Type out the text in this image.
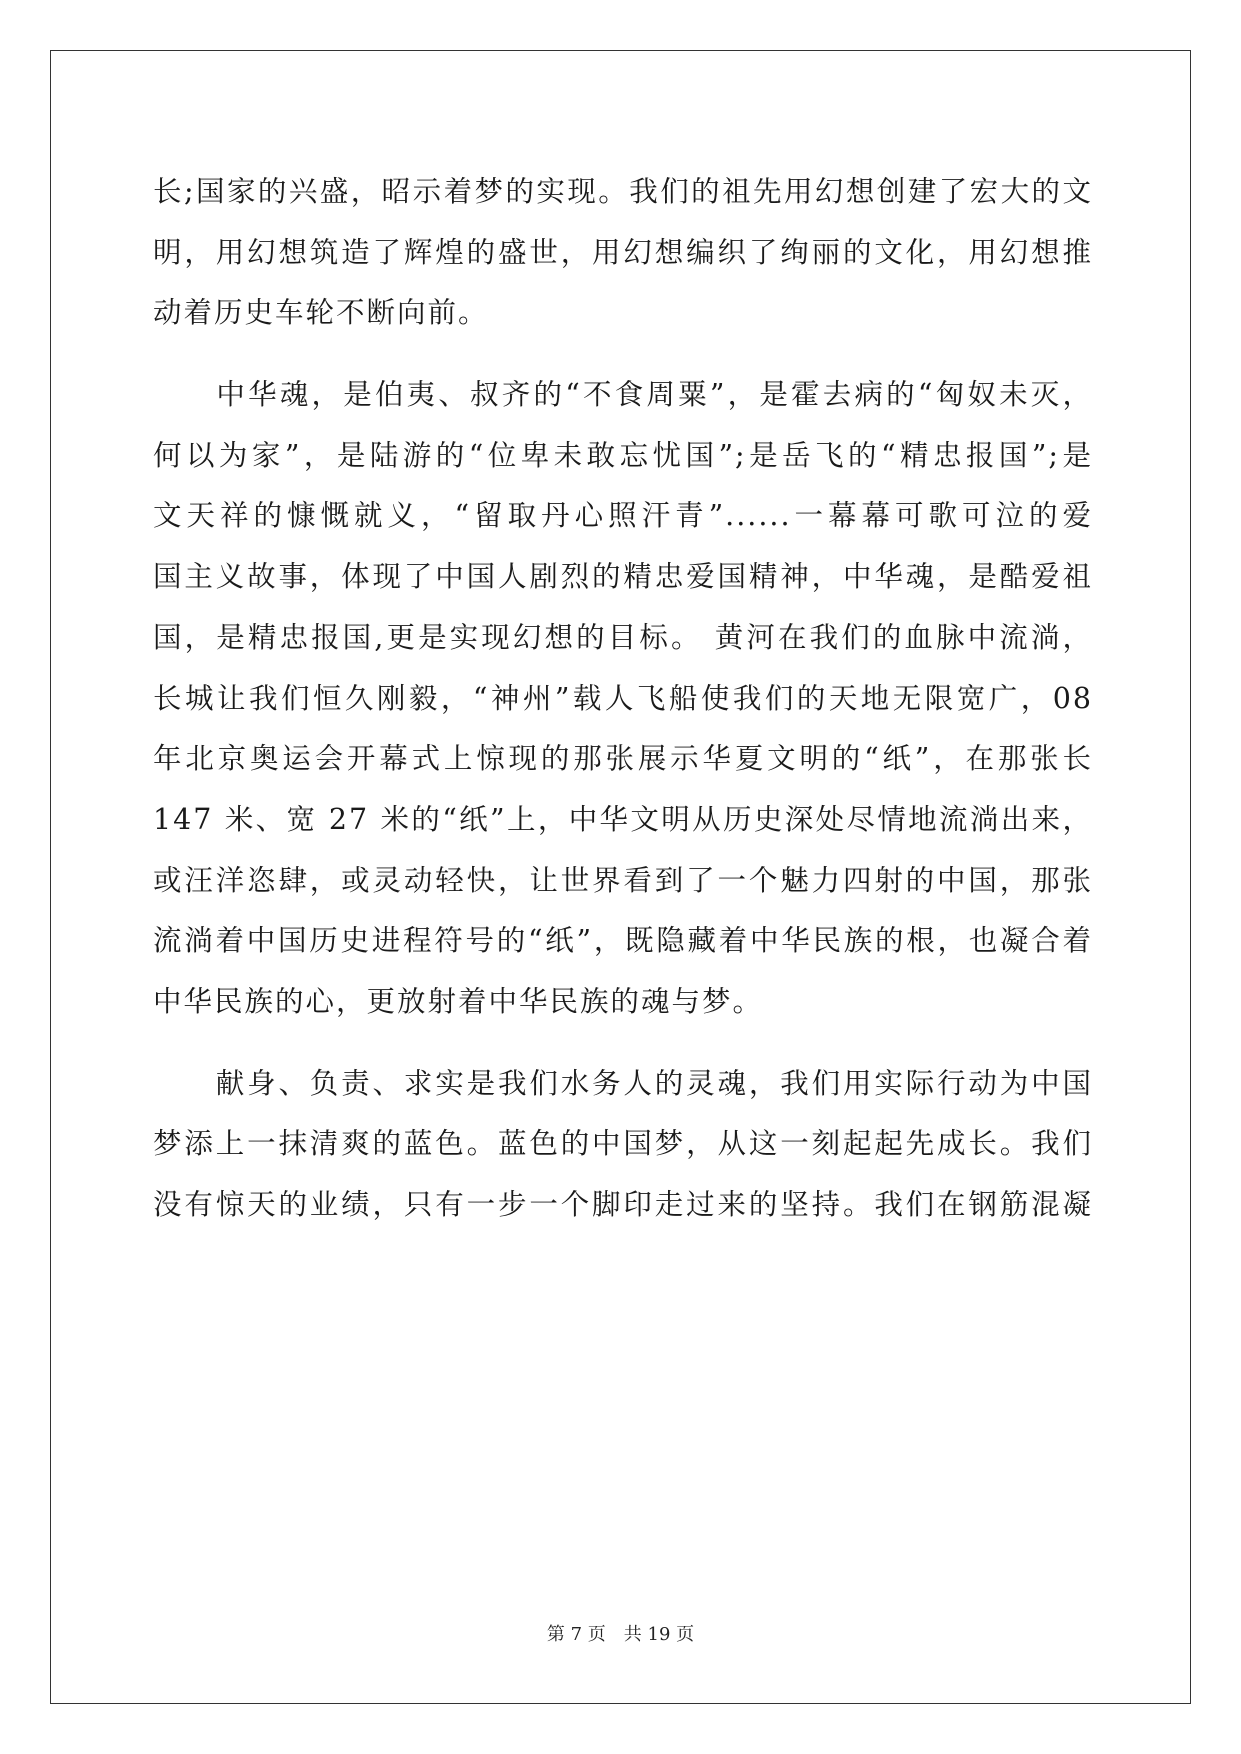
长;国家的兴盛，昭示着梦的实现。我们的祖先用幻想创建了宏大的文
明，用幻想筑造了辉煌的盛世，用幻想编织了绚丽的文化，用幻想推
动着历史车轮不断向前。
　　中华魂，是伯夷、叔齐的“不食周粟”，是霍去病的“匈奴未灭，
何以为家”，是陆游的“位卑未敢忘忧国”;是岳飞的“精忠报国”;是
文天祥的慷慨就义，“留取丹心照汗青”......一幕幕可歌可泣的爱
国主义故事，体现了中国人剧烈的精忠爱国精神，中华魂，是酷爱祖
国，是精忠报国,更是实现幻想的目标。 黄河在我们的血脉中流淌，
长城让我们恒久刚毅，“神州”载人飞船使我们的天地无限宽广，08
年北京奥运会开幕式上惊现的那张展示华夏文明的“纸”，在那张长
147 米、宽 27 米的“纸”上，中华文明从历史深处尽情地流淌出来，
或汪洋恣肆，或灵动轻快，让世界看到了一个魅力四射的中国，那张
流淌着中国历史进程符号的“纸”，既隐藏着中华民族的根，也凝合着
中华民族的心，更放射着中华民族的魂与梦。
　　献身、负责、求实是我们水务人的灵魂，我们用实际行动为中国
梦添上一抹清爽的蓝色。蓝色的中国梦，从这一刻起起先成长。我们
没有惊天的业绩，只有一步一个脚印走过来的坚持。我们在钢筋混凝
第 7 页　共 19 页
